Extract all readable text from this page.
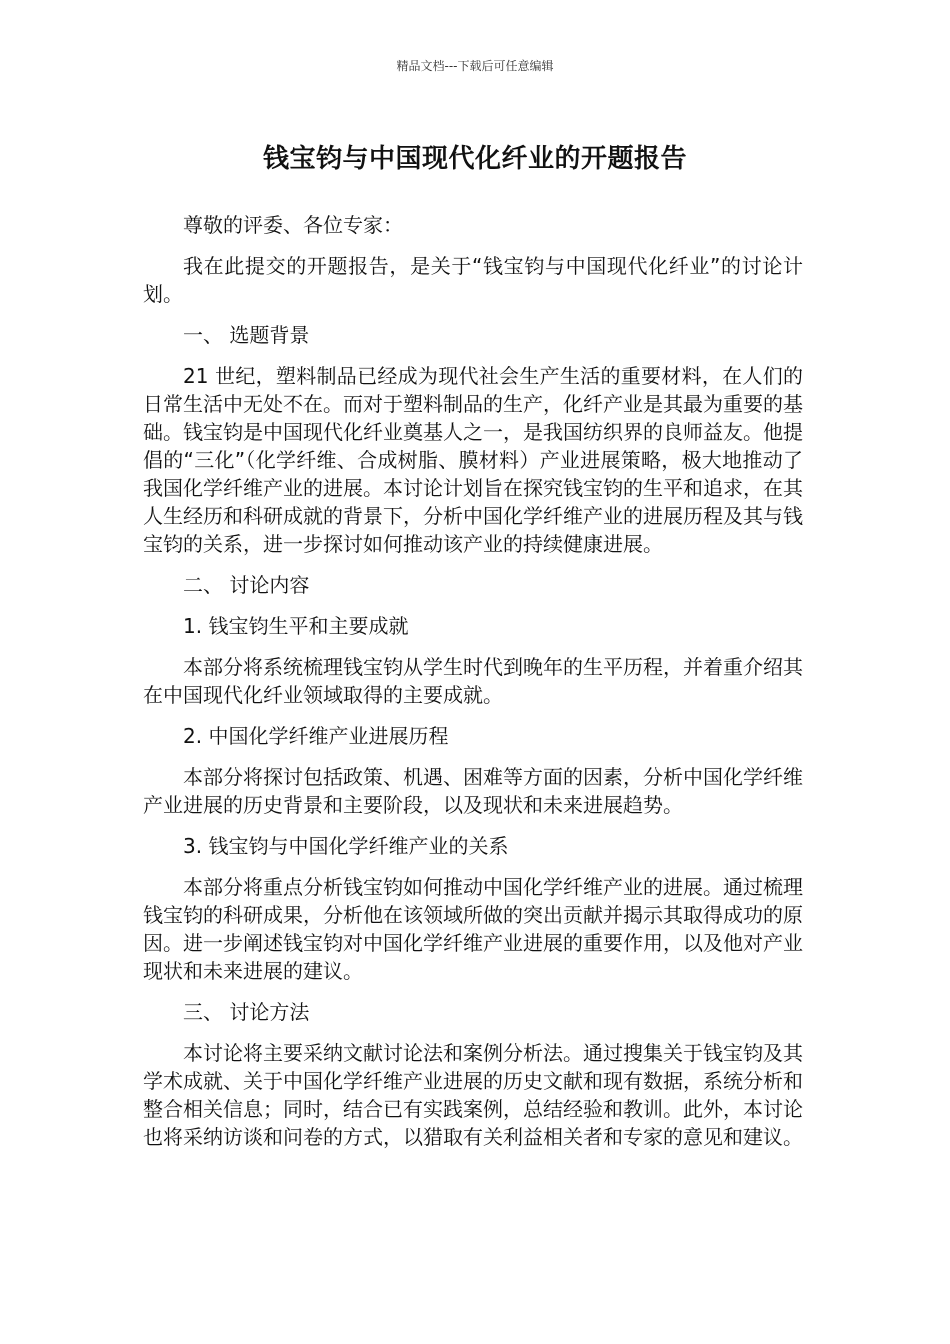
精品文档---下载后可任意编辑
钱宝钧与中国现代化纤业的开题报告

尊敬的评委、各位专家：

我在此提交的开题报告，是关于“钱宝钧与中国现代化纤业”的讨论计划。

一、 选题背景

21 世纪，塑料制品已经成为现代社会生产生活的重要材料，在人们的日常生活中无处不在。而对于塑料制品的生产，化纤产业是其最为重要的基础。钱宝钧是中国现代化纤业奠基人之一，是我国纺织界的良师益友。他提倡的“三化”（化学纤维、合成树脂、膜材料）产业进展策略，极大地推动了我国化学纤维产业的进展。本讨论计划旨在探究钱宝钧的生平和追求，在其人生经历和科研成就的背景下，分析中国化学纤维产业的进展历程及其与钱宝钧的关系，进一步探讨如何推动该产业的持续健康进展。

二、 讨论内容

1. 钱宝钧生平和主要成就

本部分将系统梳理钱宝钧从学生时代到晚年的生平历程，并着重介绍其在中国现代化纤业领域取得的主要成就。

2. 中国化学纤维产业进展历程

本部分将探讨包括政策、机遇、困难等方面的因素，分析中国化学纤维产业进展的历史背景和主要阶段，以及现状和未来进展趋势。

3. 钱宝钧与中国化学纤维产业的关系

本部分将重点分析钱宝钧如何推动中国化学纤维产业的进展。通过梳理钱宝钧的科研成果，分析他在该领域所做的突出贡献并揭示其取得成功的原因。进一步阐述钱宝钧对中国化学纤维产业进展的重要作用，以及他对产业现状和未来进展的建议。

三、 讨论方法

本讨论将主要采纳文献讨论法和案例分析法。通过搜集关于钱宝钧及其学术成就、关于中国化学纤维产业进展的历史文献和现有数据，系统分析和整合相关信息；同时，结合已有实践案例，总结经验和教训。此外，本讨论也将采纳访谈和问卷的方式，以猎取有关利益相关者和专家的意见和建议。
